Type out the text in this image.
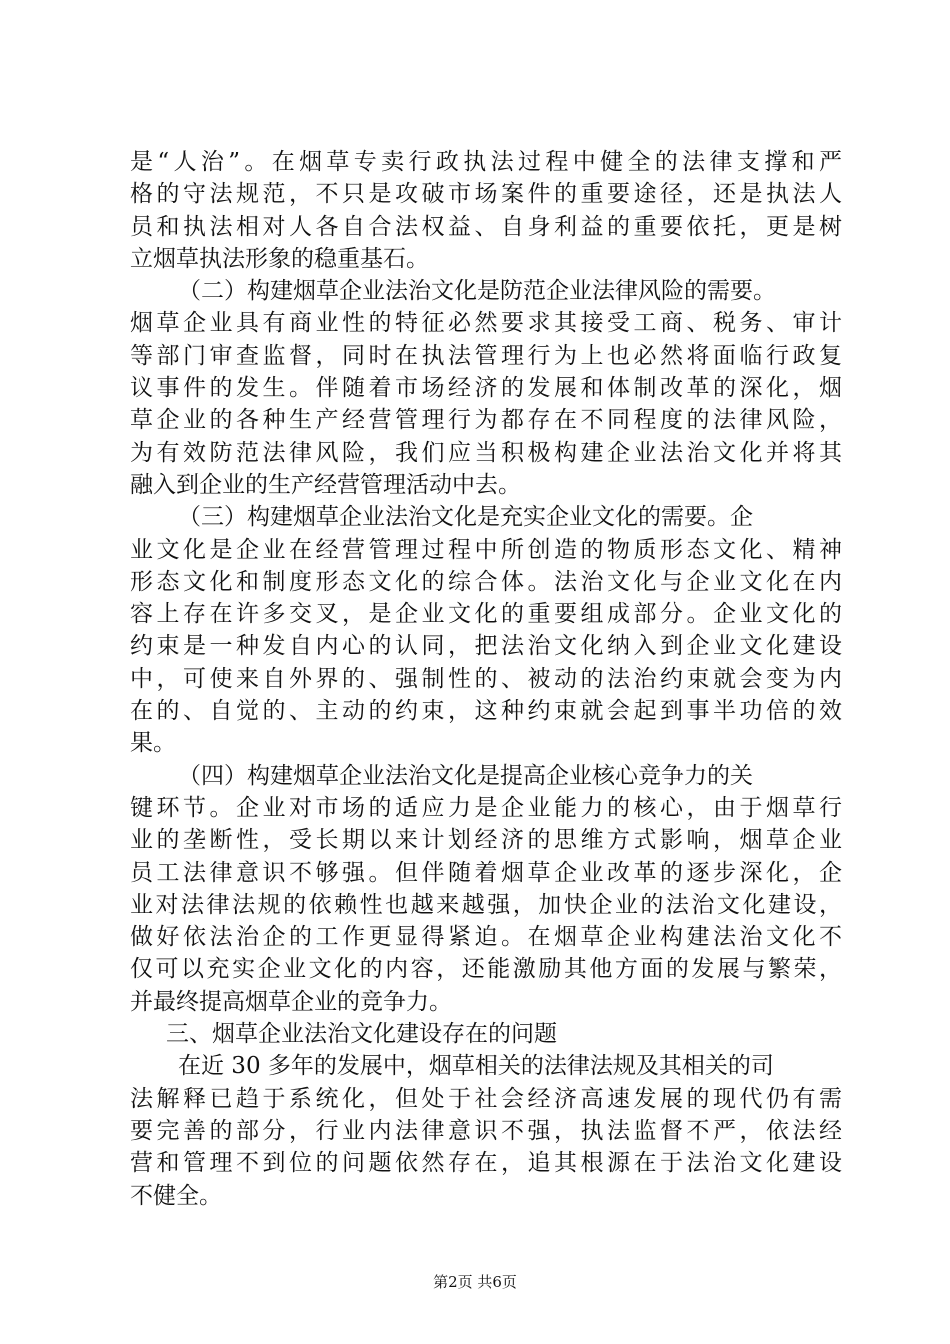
是“人治”。在烟草专卖行政执法过程中健全的法律支撑和严
格的守法规范，不只是攻破市场案件的重要途径，还是执法人
员和执法相对人各自合法权益、自身利益的重要依托，更是树
立烟草执法形象的稳重基石。
（二）构建烟草企业法治文化是防范企业法律风险的需要。
烟草企业具有商业性的特征必然要求其接受工商、税务、审计
等部门审查监督，同时在执法管理行为上也必然将面临行政复
议事件的发生。伴随着市场经济的发展和体制改革的深化，烟
草企业的各种生产经营管理行为都存在不同程度的法律风险，
为有效防范法律风险，我们应当积极构建企业法治文化并将其
融入到企业的生产经营管理活动中去。
（三）构建烟草企业法治文化是充实企业文化的需要。企
业文化是企业在经营管理过程中所创造的物质形态文化、精神
形态文化和制度形态文化的综合体。法治文化与企业文化在内
容上存在许多交叉，是企业文化的重要组成部分。企业文化的
约束是一种发自内心的认同，把法治文化纳入到企业文化建设
中，可使来自外界的、强制性的、被动的法治约束就会变为内
在的、自觉的、主动的约束，这种约束就会起到事半功倍的效
果。
（四）构建烟草企业法治文化是提高企业核心竞争力的关
键环节。企业对市场的适应力是企业能力的核心，由于烟草行
业的垄断性，受长期以来计划经济的思维方式影响，烟草企业
员工法律意识不够强。但伴随着烟草企业改革的逐步深化，企
业对法律法规的依赖性也越来越强，加快企业的法治文化建设，
做好依法治企的工作更显得紧迫。在烟草企业构建法治文化不
仅可以充实企业文化的内容，还能激励其他方面的发展与繁荣，
并最终提高烟草企业的竞争力。
三、烟草企业法治文化建设存在的问题
在近 30 多年的发展中，烟草相关的法律法规及其相关的司
法解释已趋于系统化，但处于社会经济高速发展的现代仍有需
要完善的部分，行业内法律意识不强，执法监督不严，依法经
营和管理不到位的问题依然存在，追其根源在于法治文化建设
不健全。
第2页 共6页
